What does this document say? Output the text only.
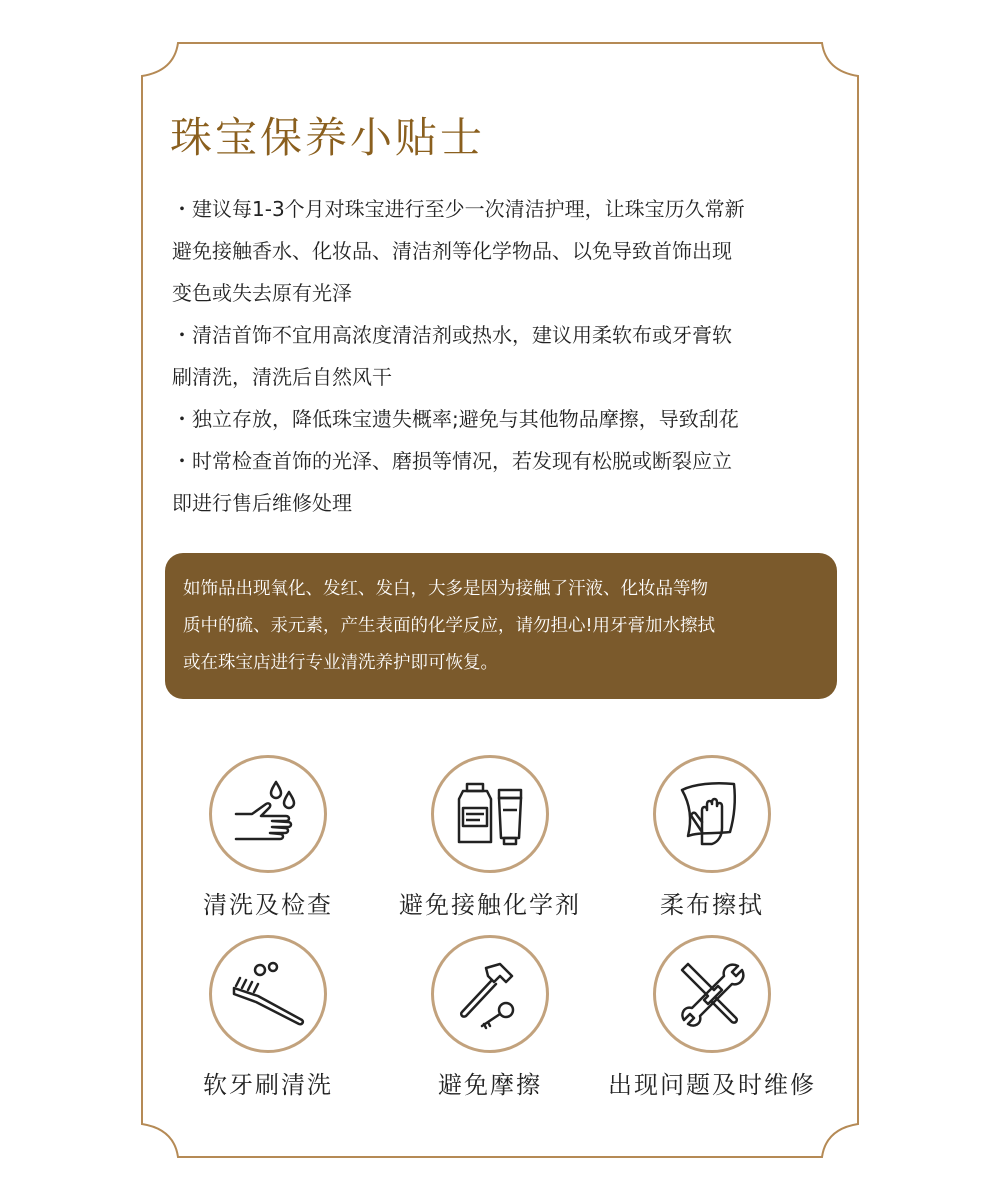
珠宝保养小贴士
・建议每1-3个月对珠宝进行至少一次清洁护理，让珠宝历久常新
避免接触香水、化妆品、清洁剂等化学物品、以免导致首饰出现
变色或失去原有光泽
・清洁首饰不宜用高浓度清洁剂或热水，建议用柔软布或牙膏软
刷清洗，清洗后自然风干
・独立存放，降低珠宝遗失概率;避免与其他物品摩擦，导致刮花
・时常检查首饰的光泽、磨损等情况，若发现有松脱或断裂应立
即进行售后维修处理
如饰品出现氧化、发红、发白，大多是因为接触了汗液、化妆品等物
质中的硫、汞元素，产生表面的化学反应，请勿担心!用牙膏加水擦拭
或在珠宝店进行专业清洗养护即可恢复。
清洗及检查	避免接触化学剂	柔布擦拭
软牙刷清洗	避免摩擦	出现问题及时维修
